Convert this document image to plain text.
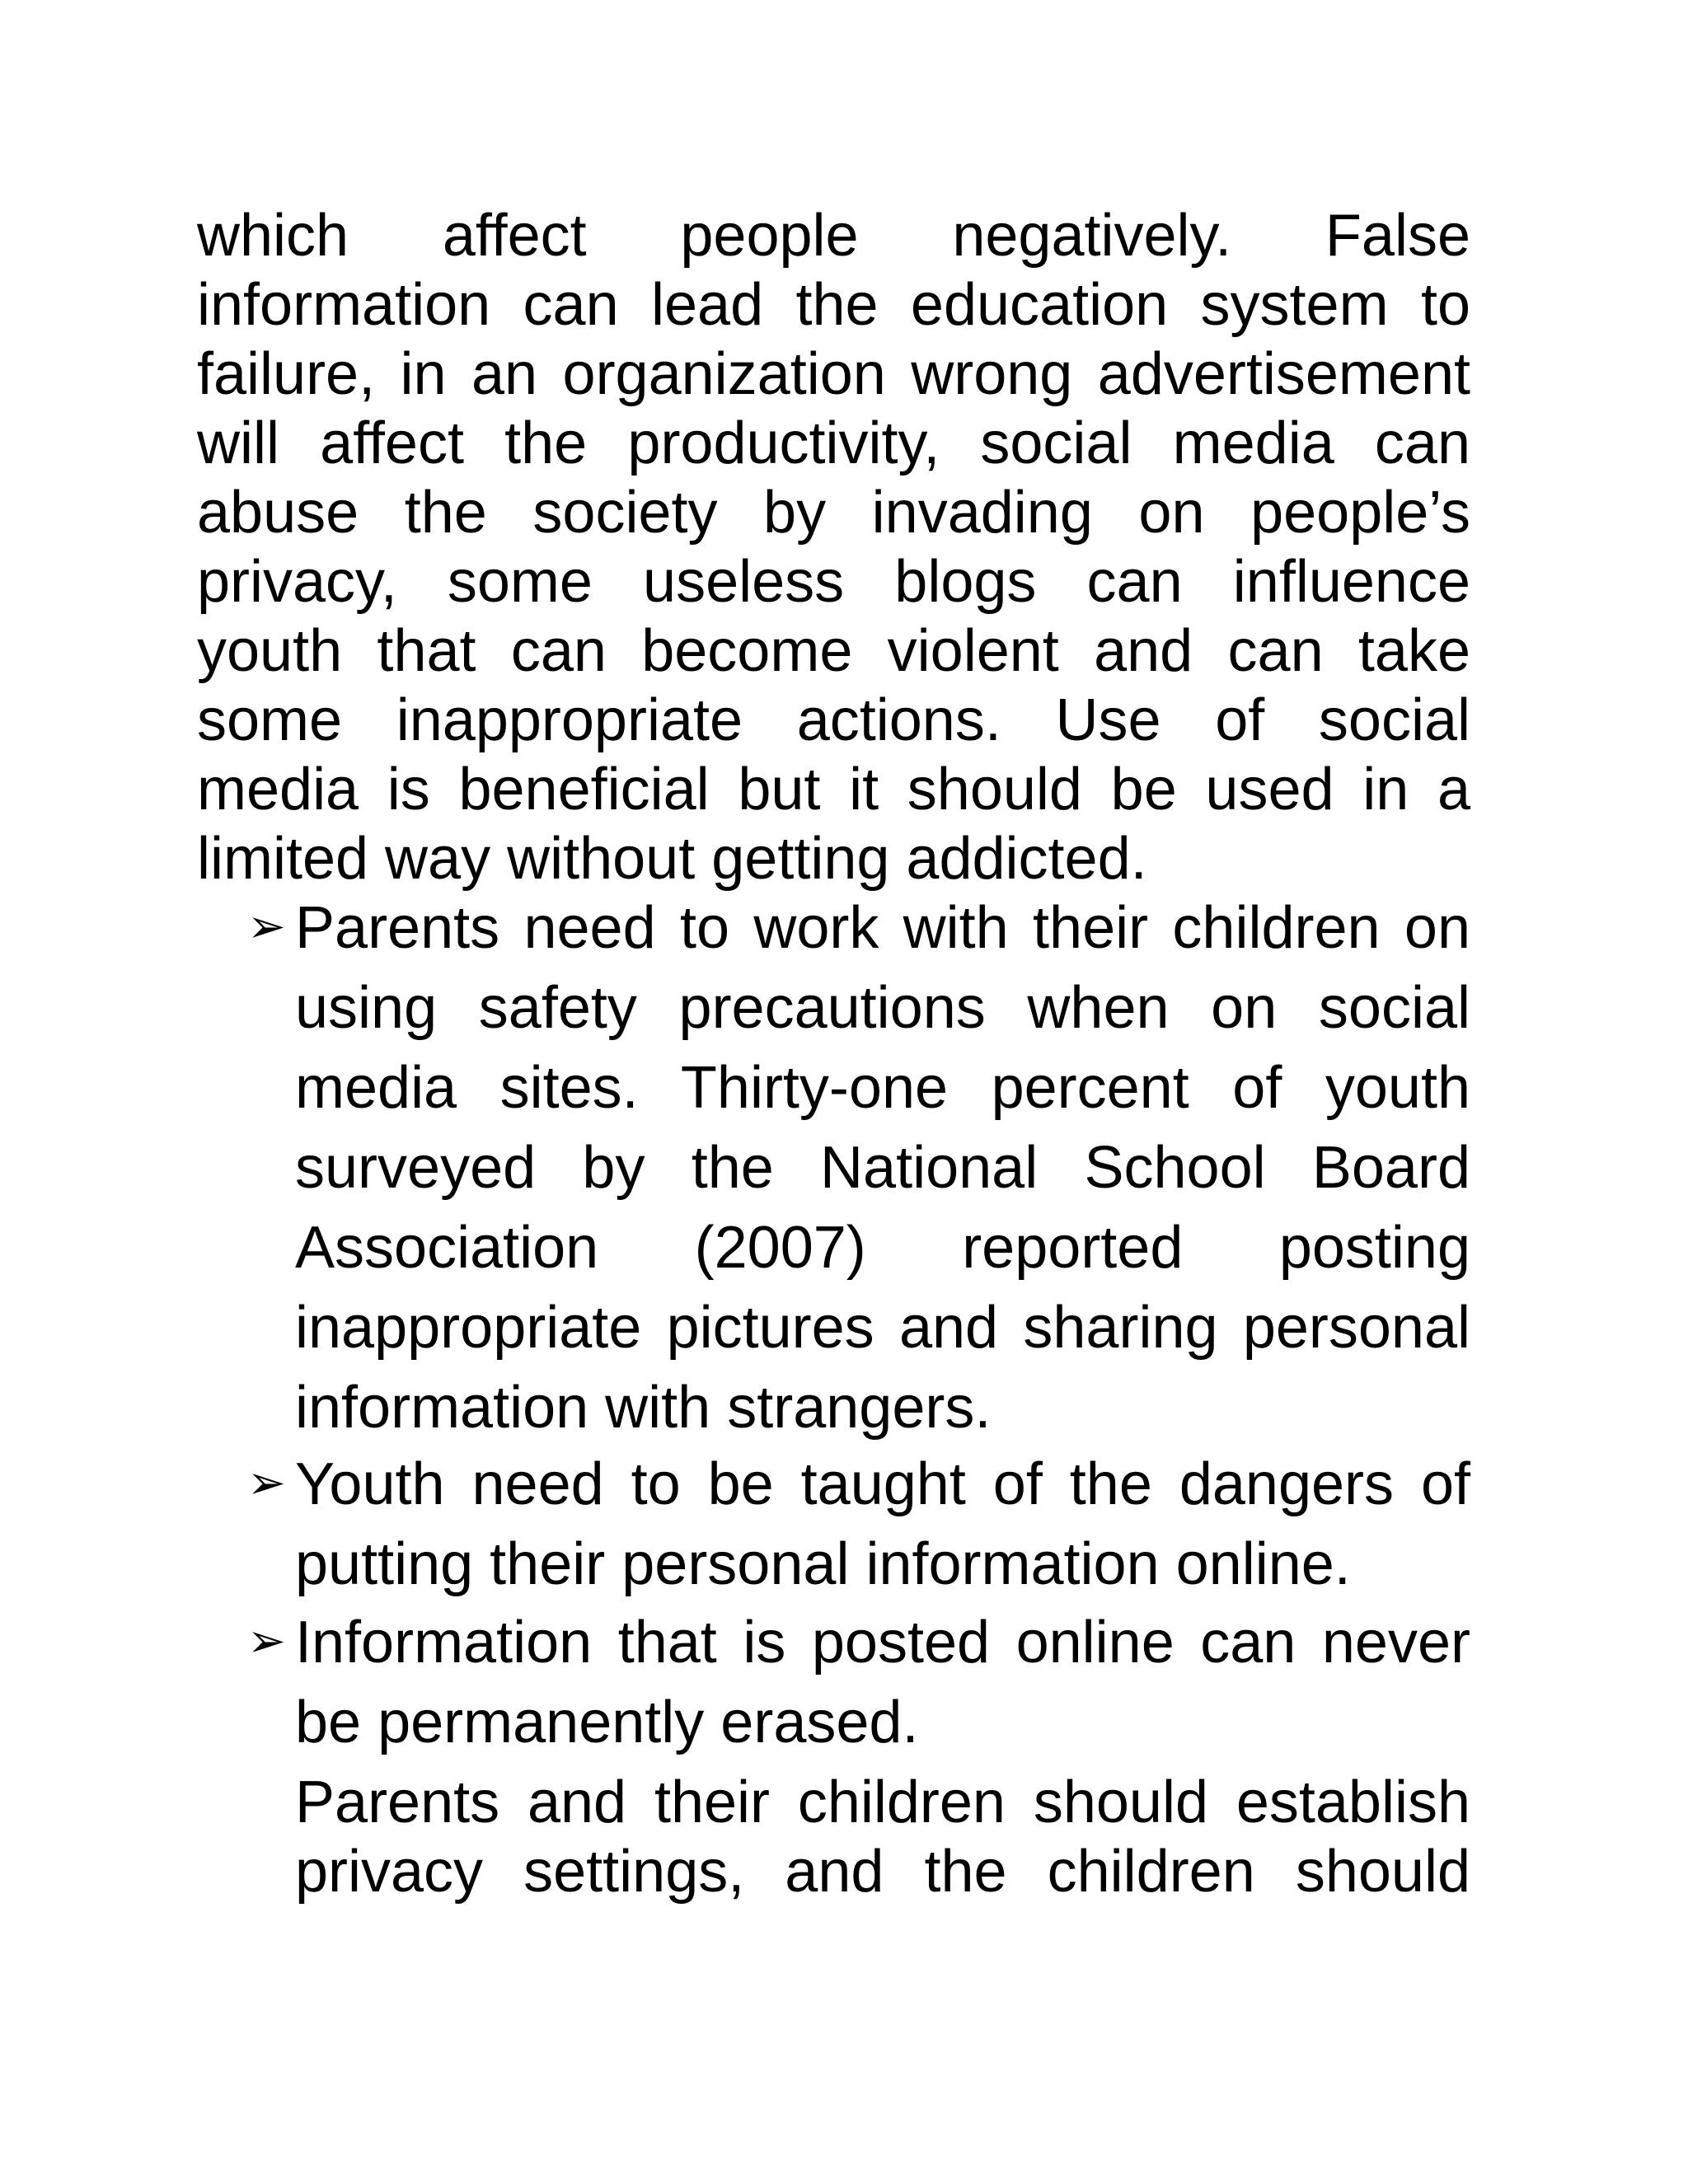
which affect people negatively. False
information can lead the education system to
failure, in an organization wrong advertisement
will affect the productivity, social media can
abuse the society by invading on people’s
privacy, some useless blogs can influence
youth that can become violent and can take
some inappropriate actions. Use of social
media is beneficial but it should be used in a
limited way without getting addicted.
➢ Parents need to work with their children on
using safety precautions when on social
media sites. Thirty-one percent of youth
surveyed by the National School Board
Association (2007) reported posting
inappropriate pictures and sharing personal
information with strangers.
➢ Youth need to be taught of the dangers of
putting their personal information online.
➢ Information that is posted online can never
be permanently erased.
Parents and their children should establish
privacy settings, and the children should
